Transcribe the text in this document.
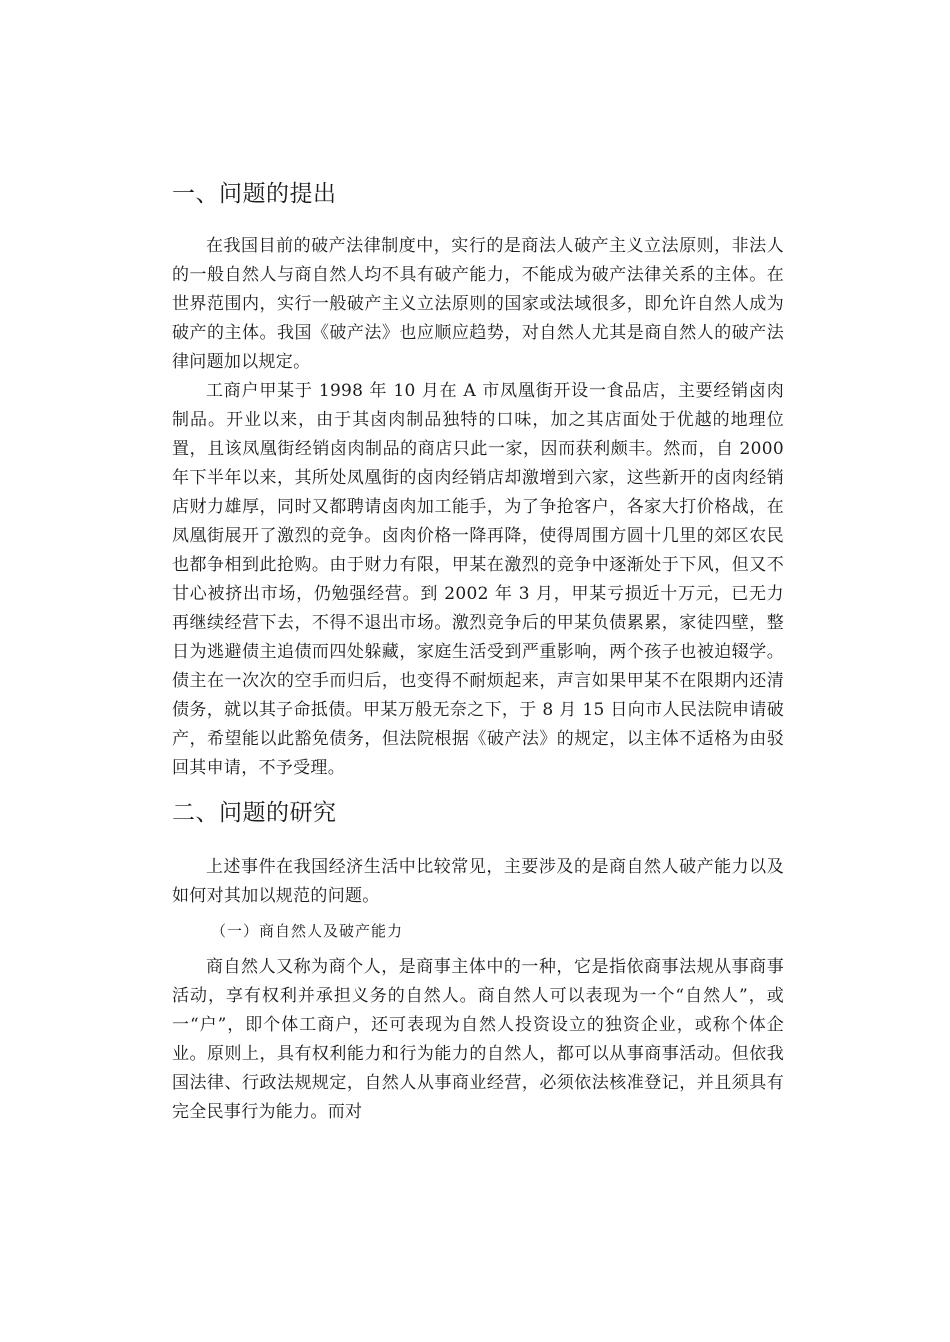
一、问题的提出

在我国目前的破产法律制度中，实行的是商法人破产主义立法原则，非法人的一般自然人与商自然人均不具有破产能力，不能成为破产法律关系的主体。在世界范围内，实行一般破产主义立法原则的国家或法域很多，即允许自然人成为破产的主体。我国《破产法》也应顺应趋势，对自然人尤其是商自然人的破产法律问题加以规定。

工商户甲某于 1998 年 10 月在 A 市凤凰街开设一食品店，主要经销卤肉制品。开业以来，由于其卤肉制品独特的口味，加之其店面处于优越的地理位置，且该凤凰街经销卤肉制品的商店只此一家，因而获利颇丰。然而，自 2000 年下半年以来，其所处凤凰街的卤肉经销店却激增到六家，这些新开的卤肉经销店财力雄厚，同时又都聘请卤肉加工能手，为了争抢客户，各家大打价格战，在凤凰街展开了激烈的竞争。卤肉价格一降再降，使得周围方圆十几里的郊区农民也都争相到此抢购。由于财力有限，甲某在激烈的竞争中逐渐处于下风，但又不甘心被挤出市场，仍勉强经营。到 2002 年 3 月，甲某亏损近十万元，已无力再继续经营下去，不得不退出市场。激烈竞争后的甲某负债累累，家徒四壁，整日为逃避债主追债而四处躲藏，家庭生活受到严重影响，两个孩子也被迫辍学。债主在一次次的空手而归后，也变得不耐烦起来，声言如果甲某不在限期内还清债务，就以其子命抵债。甲某万般无奈之下，于 8 月 15 日向市人民法院申请破产，希望能以此豁免债务，但法院根据《破产法》的规定，以主体不适格为由驳回其申请，不予受理。

二、问题的研究

上述事件在我国经济生活中比较常见，主要涉及的是商自然人破产能力以及如何对其加以规范的问题。

（一）商自然人及破产能力

商自然人又称为商个人，是商事主体中的一种，它是指依商事法规从事商事活动，享有权利并承担义务的自然人。商自然人可以表现为一个“自然人”，或一“户”，即个体工商户，还可表现为自然人投资设立的独资企业，或称个体企业。原则上，具有权利能力和行为能力的自然人，都可以从事商事活动。但依我国法律、行政法规规定，自然人从事商业经营，必须依法核准登记，并且须具有完全民事行为能力。而对
